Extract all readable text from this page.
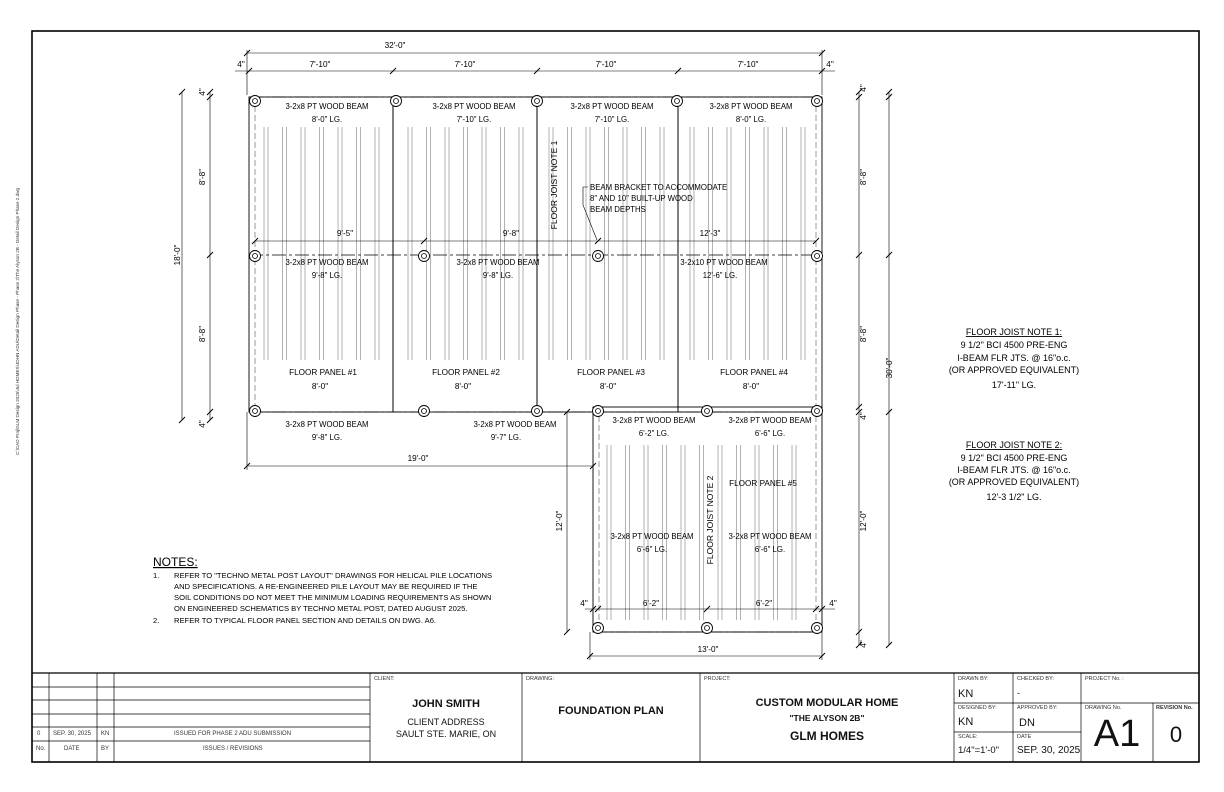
32'-0"
7'-10"	7'-10"	7'-10"	7'-10"
4"	4"
9'-5"	9'-8"	12'-3"
19'-0"
13'-0"
6'-2"	6'-2"
4"	4"
18'-0"
8'-8"
8'-8"
4"
4"
8'-8"
8'-8"
4"
4"
4"
30'-0"
12'-0"	12'-0"
FLOOR JOIST NOTE 1
FLOOR JOIST NOTE 2
3-2x8 PT WOOD BEAM
8'-0" LG.
3-2x8 PT WOOD BEAM
7'-10" LG.
3-2x8 PT WOOD BEAM
7'-10" LG.
3-2x8 PT WOOD BEAM
8'-0" LG.
3-2x8 PT WOOD BEAM
9'-8" LG.
3-2x8 PT WOOD BEAM
9'-8" LG.
3-2x10 PT WOOD BEAM
12'-6" LG.
3-2x8 PT WOOD BEAM
9'-8" LG.
3-2x8 PT WOOD BEAM
9'-7" LG.
3-2x8 PT WOOD BEAM
6'-2" LG.
3-2x8 PT WOOD BEAM
6'-6" LG.
3-2x8 PT WOOD BEAM
6'-6" LG.
3-2x8 PT WOOD BEAM
6'-6" LG.
FLOOR PANEL #1
8'-0"
FLOOR PANEL #2
8'-0"
FLOOR PANEL #3
8'-0"
FLOOR PANEL #4
8'-0"
FLOOR PANEL #5
BEAM BRACKET TO ACCOMMODATE
8" AND 10" BUILT-UP WOOD
BEAM DEPTHS
FLOOR JOIST NOTE 1:
9 1/2" BCI 4500 PRE-ENG
I-BEAM FLR JTS. @ 16"o.c.
(OR APPROVED EQUIVALENT)
17'-11" LG.
FLOOR JOIST NOTE 2:
9 1/2" BCI 4500 PRE-ENG
I-BEAM FLR JTS. @ 16"o.c.
(OR APPROVED EQUIVALENT)
12'-3 1/2" LG.
NOTES:
1. REFER TO "TECHNO METAL POST LAYOUT" DRAWINGS FOR HELICAL PILE LOCATIONS
AND SPECIFICATIONS. A RE-ENGINEERED PILE LAYOUT MAY BE REQUIRED IF THE
SOIL CONDITIONS DO NOT MEET THE MINIMUM LOADING REQUIREMENTS AS SHOWN
ON ENGINEERED SCHEMATICS BY TECHNO METAL POST, DATED AUGUST 2025.
2. REFER TO TYPICAL FLOOR PANEL SECTION AND DETAILS ON DWG. A6.
0 SEP. 30, 2025 KN	ISSUED FOR PHASE 2 ADU SUBMISSION
No.	DATE	BY	ISSUES / REVISIONS
CLIENT:
JOHN SMITH
CLIENT ADDRESS
SAULT STE. MARIE, ON
DRAWING:
FOUNDATION PLAN
PROJECT:
CUSTOM MODULAR HOME
"THE ALYSON 2B"
GLM HOMES
DRAWN BY:
KN
CHECKED BY:
-
PROJECT No. :
DESIGNED BY:
KN
APPROVED BY:
DN
SCALE:
1/4"=1'-0"
DATE
SEP. 30, 2025
DRAWING No.
A1
REVISION No.
0
C:\CAD Proj\GLM Design 2025\Jul HOMES\JOHN ADU\Detail Design Phase - Phase 2\The Alyson 2B - Detail Design Phase 2.dwg
